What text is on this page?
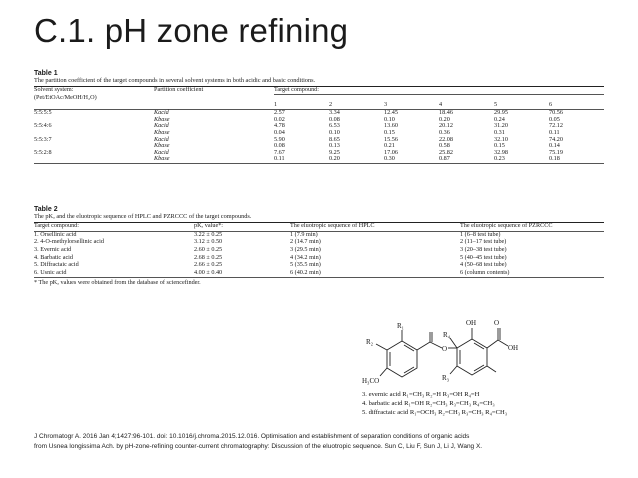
C.1. pH zone refining
Table 1
The partition coefficient of the target compounds in several solvent systems in both acidic and basic conditions.
Solvent system:	Partition coefficient	Target compound:					
(Pet/EtOAc/MeOH/H₂O)							
		1	2	3	4	5	6
5:5:5:5	Kacid	2.57	3.34	12.45	18.46	29.95	70.56
	Kbase	0.02	0.08	0.10	0.20	0.24	0.05
5:5:4:6	Kacid	4.78	6.53	13.60	20.12	31.20	72.12
	Kbase	0.04	0.10	0.15	0.36	0.31	0.11
5:5:3:7	Kacid	5.90	8.65	15.56	22.08	32.10	74.20
	Kbase	0.08	0.13	0.21	0.58	0.15	0.14
5:5:2:8	Kacid	7.67	9.25	17.06	25.82	32.98	75.19
	Kbase	0.11	0.20	0.30	0.87	0.23	0.18
Table 2
The pKₐ and the eluotropic sequence of HPLC and PZRCCC of the target compounds.
Target compound:	pKₐ value*:	The eluotropic sequence of HPLC	The eluotropic sequence of PZRCCC
1. Orsellinic acid	3.22 ± 0.25	1 (7.9 min)	1 (6–8 test tube)
2. 4-O-methylorsellinic acid	3.12 ± 0.50	2 (14.7 min)	2 (11–17 test tube)
3. Evernic acid	2.60 ± 0.25	3 (29.5 min)	3 (20–38 test tube)
4. Barbatic acid	2.68 ± 0.25	4 (34.2 min)	5 (40–45 test tube)
5. Diffractaic acid	2.66 ± 0.25	5 (35.5 min)	4 (50–68 test tube)
6. Usnic acid	4.00 ± 0.40	6 (40.2 min)	6 (column contents)
* The pKₐ values were obtained from the database of sciencefinder.
OH	O
OH
R₁
R₂
R₃
R₄
O
H₃CO
3. evernic acid R₁=CH₃ R₂=H R₃=OH R₄=H
4. barbatic acid R₁=OH R₂=CH₃ R₃=CH₃ R₄=CH₃
5. diffractaic acid R₁=OCH₃ R₂=CH₃ R₃=CH₃ R₄=CH₃
J Chromatogr A. 2016 Jan 4;1427:96-101. doi: 10.1016/j.chroma.2015.12.016. Optimisation and establishment of separation conditions of organic acids
from Usnea longissima Ach. by pH-zone-refining counter-current chromatography: Discussion of the eluotropic sequence. Sun C, Liu F, Sun J, Li J, Wang X.
